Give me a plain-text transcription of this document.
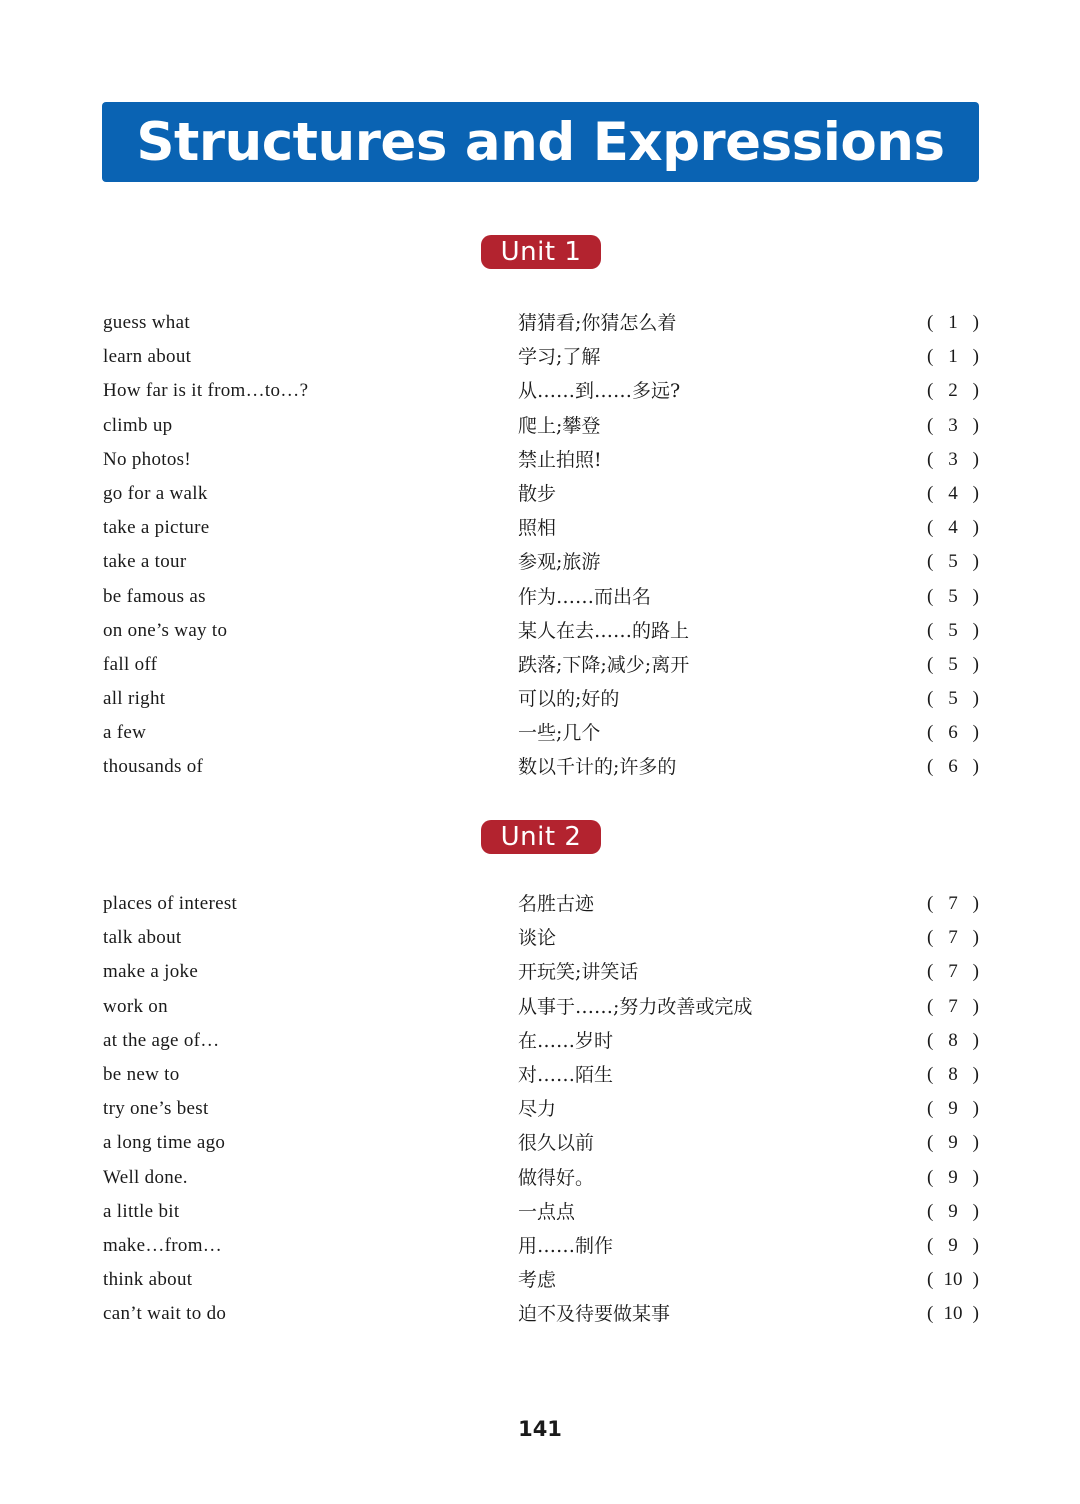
Structures and Expressions
Unit 1
guess what	猜猜看;你猜怎么着	( 1 )
learn about	学习;了解	( 1 )
How far is it from…to…?	从……到……多远?	( 2 )
climb up	爬上;攀登	( 3 )
No photos!	禁止拍照!	( 3 )
go for a walk	散步	( 4 )
take a picture	照相	( 4 )
take a tour	参观;旅游	( 5 )
be famous as	作为……而出名	( 5 )
on one’s way to	某人在去……的路上	( 5 )
fall off	跌落;下降;减少;离开	( 5 )
all right	可以的;好的	( 5 )
a few	一些;几个	( 6 )
thousands of	数以千计的;许多的	( 6 )
Unit 2
places of interest	名胜古迹	( 7 )
talk about	谈论	( 7 )
make a joke	开玩笑;讲笑话	( 7 )
work on	从事于……;努力改善或完成	( 7 )
at the age of…	在……岁时	( 8 )
be new to	对……陌生	( 8 )
try one’s best	尽力	( 9 )
a long time ago	很久以前	( 9 )
Well done.	做得好。	( 9 )
a little bit	一点点	( 9 )
make…from…	用……制作	( 9 )
think about	考虑	( 10 )
can’t wait to do	迫不及待要做某事	( 10 )
141
